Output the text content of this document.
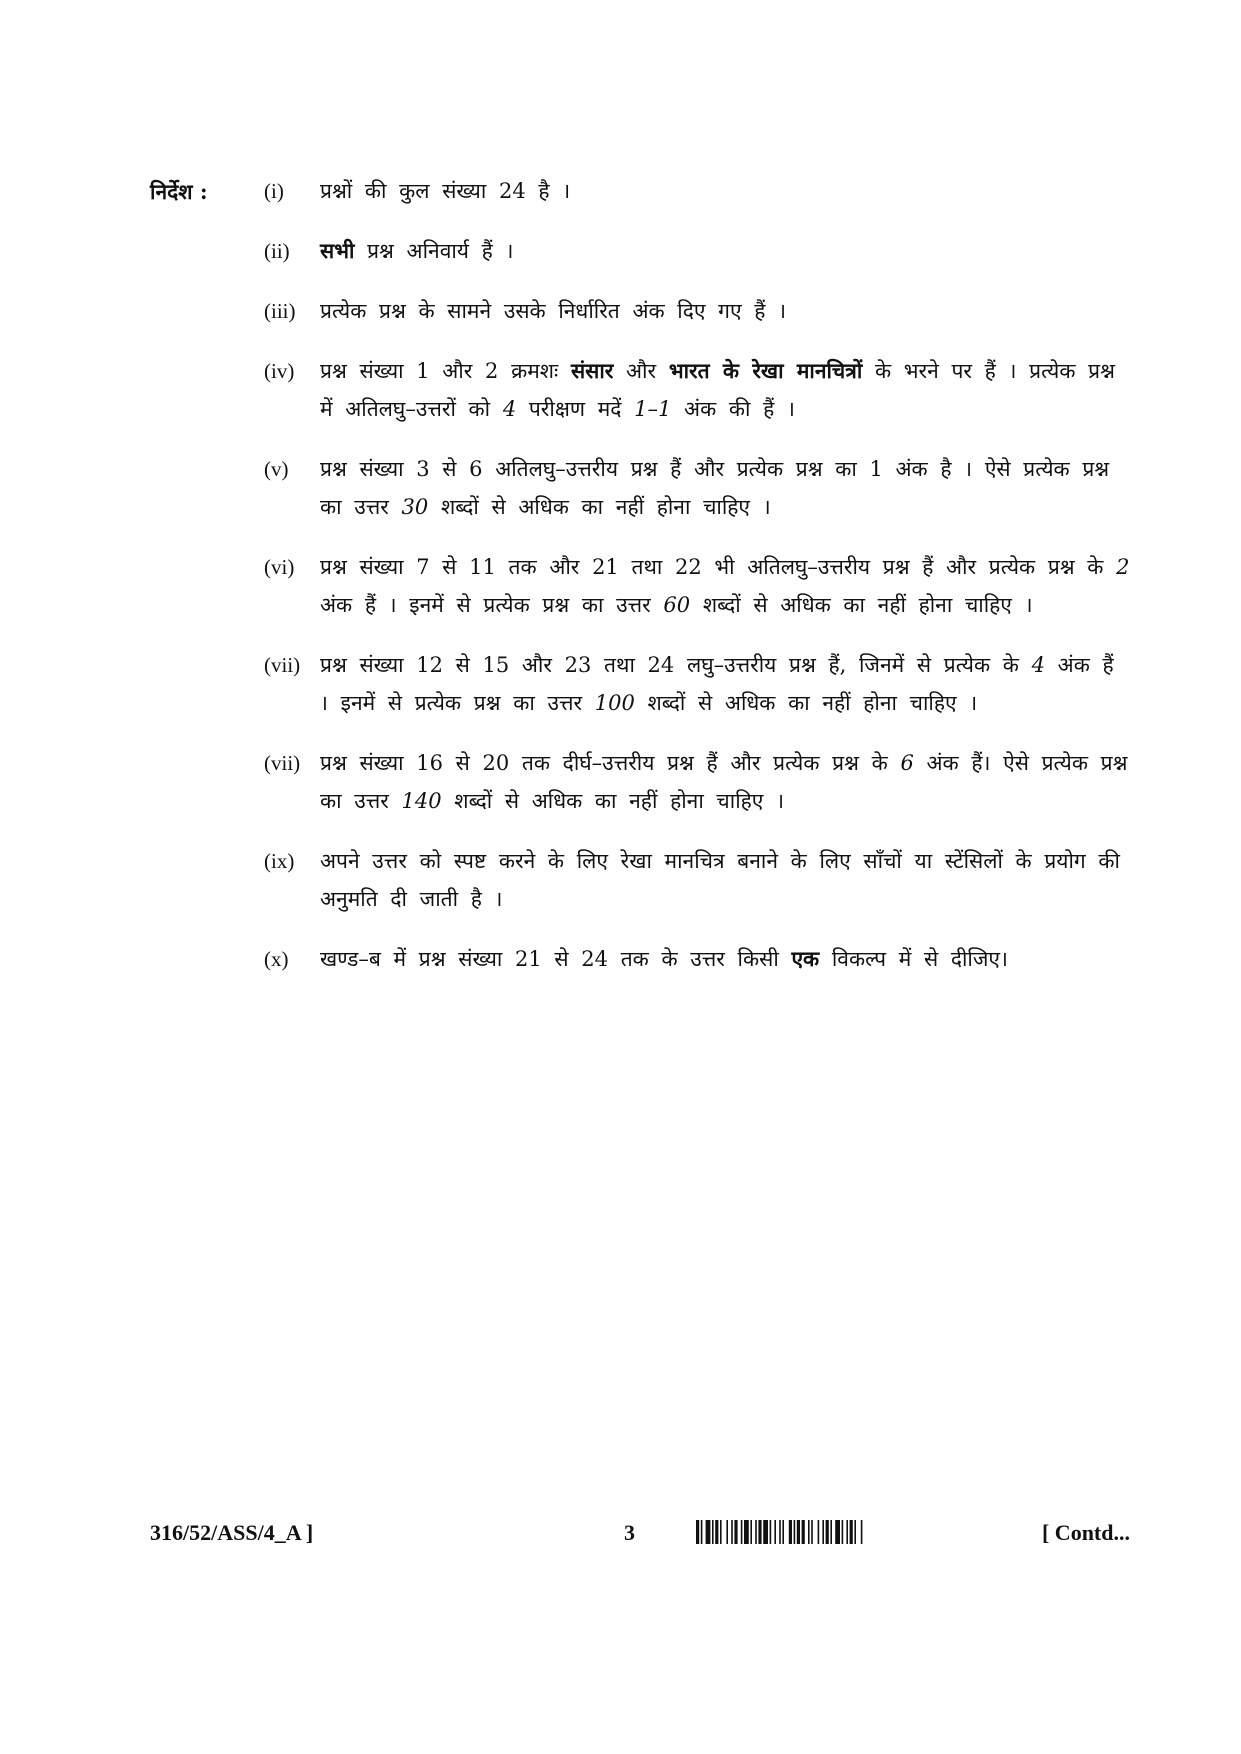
निर्देश :	(i) प्रश्नों की कुल संख्या 24 है ।
(ii) सभी प्रश्न अनिवार्य हैं ।
(iii) प्रत्येक प्रश्न के सामने उसके निर्धारित अंक दिए गए हैं ।
(iv) प्रश्न संख्या 1 और 2 क्रमशः संसार और भारत के रेखा मानचित्रों के भरने पर हैं । प्रत्येक प्रश्न में अतिलघु–उत्तरों को 4 परीक्षण मदें 1–1 अंक की हैं ।
(v) प्रश्न संख्या 3 से 6 अतिलघु–उत्तरीय प्रश्न हैं और प्रत्येक प्रश्न का 1 अंक है । ऐसे प्रत्येक प्रश्न का उत्तर 30 शब्दों से अधिक का नहीं होना चाहिए ।
(vi) प्रश्न संख्या 7 से 11 तक और 21 तथा 22 भी अतिलघु–उत्तरीय प्रश्न हैं और प्रत्येक प्रश्न के 2 अंक हैं । इनमें से प्रत्येक प्रश्न का उत्तर 60 शब्दों से अधिक का नहीं होना चाहिए ।
(vii) प्रश्न संख्या 12 से 15 और 23 तथा 24 लघु–उत्तरीय प्रश्न हैं, जिनमें से प्रत्येक के 4 अंक हैं । इनमें से प्रत्येक प्रश्न का उत्तर 100 शब्दों से अधिक का नहीं होना चाहिए ।
(vii) प्रश्न संख्या 16 से 20 तक दीर्घ–उत्तरीय प्रश्न हैं और प्रत्येक प्रश्न के 6 अंक हैं। ऐसे प्रत्येक प्रश्न का उत्तर 140 शब्दों से अधिक का नहीं होना चाहिए ।
(ix) अपने उत्तर को स्पष्ट करने के लिए रेखा मानचित्र बनाने के लिए साँचों या स्टेंसिलों के प्रयोग की अनुमति दी जाती है ।
(x) खण्ड–ब में प्रश्न संख्या 21 से 24 तक के उत्तर किसी एक विकल्प में से दीजिए।
316/52/ASS/4_A ]	3	[ Contd...
